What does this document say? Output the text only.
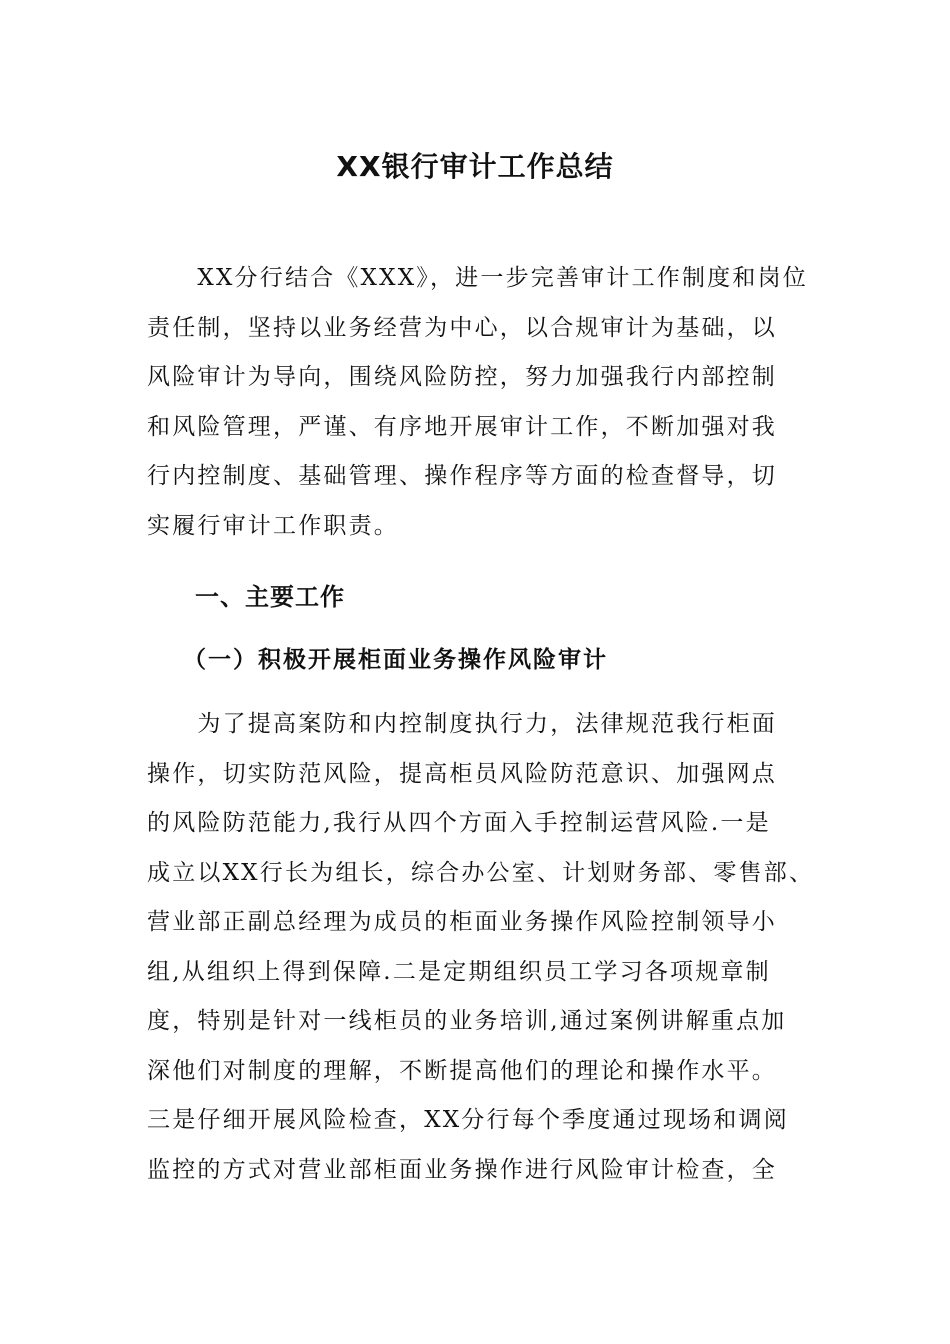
XX银行审计工作总结
　　XX分行结合《XXX》，进一步完善审计工作制度和岗位
责任制，坚持以业务经营为中心，以合规审计为基础，以
风险审计为导向，围绕风险防控，努力加强我行内部控制
和风险管理，严谨、有序地开展审计工作，不断加强对我
行内控制度、基础管理、操作程序等方面的检查督导，切
实履行审计工作职责。
一、主要工作
（一）积极开展柜面业务操作风险审计
　　为了提高案防和内控制度执行力，法律规范我行柜面
操作，切实防范风险，提高柜员风险防范意识、加强网点
的风险防范能力,我行从四个方面入手控制运营风险.一是
成立以XX行长为组长，综合办公室、计划财务部、零售部、
营业部正副总经理为成员的柜面业务操作风险控制领导小
组,从组织上得到保障.二是定期组织员工学习各项规章制
度，特别是针对一线柜员的业务培训,通过案例讲解重点加
深他们对制度的理解，不断提高他们的理论和操作水平。
三是仔细开展风险检查，XX分行每个季度通过现场和调阅
监控的方式对营业部柜面业务操作进行风险审计检查，全
